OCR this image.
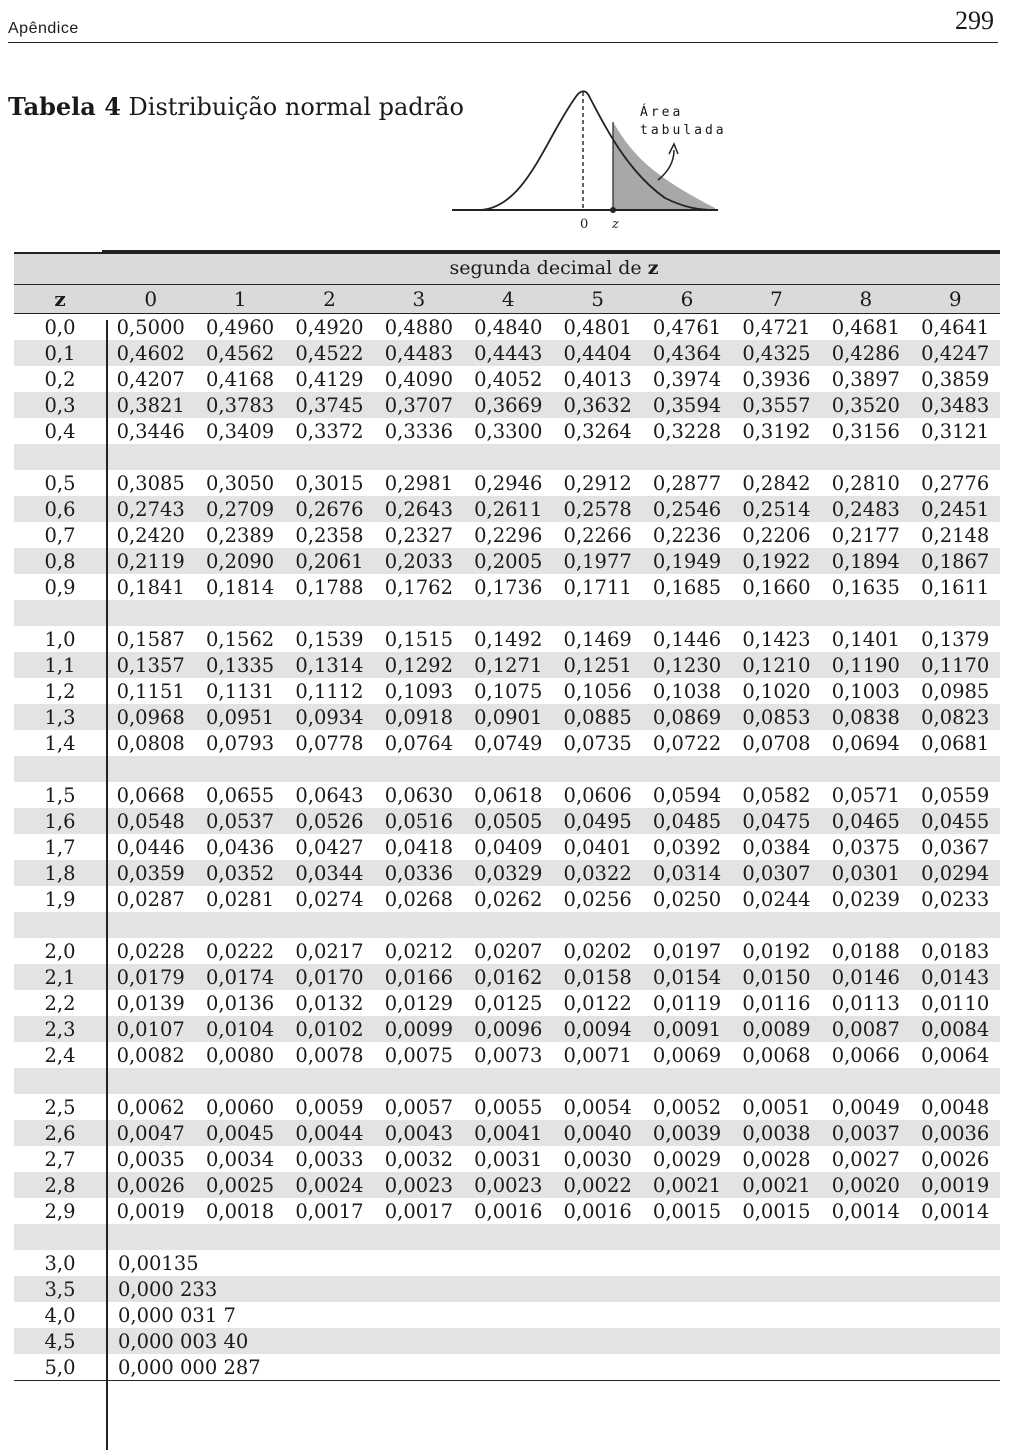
Apêndice	299
Tabela 4 Distribuição normal padrão
0 z
Área
tabulada
segunda decimal de z
z	0	1	2	3	4	5	6	7	8	9
0,0	0,5000	0,4960	0,4920	0,4880	0,4840	0,4801	0,4761	0,4721	0,4681	0,4641
0,1	0,4602	0,4562	0,4522	0,4483	0,4443	0,4404	0,4364	0,4325	0,4286	0,4247
0,2	0,4207	0,4168	0,4129	0,4090	0,4052	0,4013	0,3974	0,3936	0,3897	0,3859
0,3	0,3821	0,3783	0,3745	0,3707	0,3669	0,3632	0,3594	0,3557	0,3520	0,3483
0,4	0,3446	0,3409	0,3372	0,3336	0,3300	0,3264	0,3228	0,3192	0,3156	0,3121
0,5	0,3085	0,3050	0,3015	0,2981	0,2946	0,2912	0,2877	0,2842	0,2810	0,2776
0,6	0,2743	0,2709	0,2676	0,2643	0,2611	0,2578	0,2546	0,2514	0,2483	0,2451
0,7	0,2420	0,2389	0,2358	0,2327	0,2296	0,2266	0,2236	0,2206	0,2177	0,2148
0,8	0,2119	0,2090	0,2061	0,2033	0,2005	0,1977	0,1949	0,1922	0,1894	0,1867
0,9	0,1841	0,1814	0,1788	0,1762	0,1736	0,1711	0,1685	0,1660	0,1635	0,1611
1,0	0,1587	0,1562	0,1539	0,1515	0,1492	0,1469	0,1446	0,1423	0,1401	0,1379
1,1	0,1357	0,1335	0,1314	0,1292	0,1271	0,1251	0,1230	0,1210	0,1190	0,1170
1,2	0,1151	0,1131	0,1112	0,1093	0,1075	0,1056	0,1038	0,1020	0,1003	0,0985
1,3	0,0968	0,0951	0,0934	0,0918	0,0901	0,0885	0,0869	0,0853	0,0838	0,0823
1,4	0,0808	0,0793	0,0778	0,0764	0,0749	0,0735	0,0722	0,0708	0,0694	0,0681
1,5	0,0668	0,0655	0,0643	0,0630	0,0618	0,0606	0,0594	0,0582	0,0571	0,0559
1,6	0,0548	0,0537	0,0526	0,0516	0,0505	0,0495	0,0485	0,0475	0,0465	0,0455
1,7	0,0446	0,0436	0,0427	0,0418	0,0409	0,0401	0,0392	0,0384	0,0375	0,0367
1,8	0,0359	0,0352	0,0344	0,0336	0,0329	0,0322	0,0314	0,0307	0,0301	0,0294
1,9	0,0287	0,0281	0,0274	0,0268	0,0262	0,0256	0,0250	0,0244	0,0239	0,0233
2,0	0,0228	0,0222	0,0217	0,0212	0,0207	0,0202	0,0197	0,0192	0,0188	0,0183
2,1	0,0179	0,0174	0,0170	0,0166	0,0162	0,0158	0,0154	0,0150	0,0146	0,0143
2,2	0,0139	0,0136	0,0132	0,0129	0,0125	0,0122	0,0119	0,0116	0,0113	0,0110
2,3	0,0107	0,0104	0,0102	0,0099	0,0096	0,0094	0,0091	0,0089	0,0087	0,0084
2,4	0,0082	0,0080	0,0078	0,0075	0,0073	0,0071	0,0069	0,0068	0,0066	0,0064
2,5	0,0062	0,0060	0,0059	0,0057	0,0055	0,0054	0,0052	0,0051	0,0049	0,0048
2,6	0,0047	0,0045	0,0044	0,0043	0,0041	0,0040	0,0039	0,0038	0,0037	0,0036
2,7	0,0035	0,0034	0,0033	0,0032	0,0031	0,0030	0,0029	0,0028	0,0027	0,0026
2,8	0,0026	0,0025	0,0024	0,0023	0,0023	0,0022	0,0021	0,0021	0,0020	0,0019
2,9	0,0019	0,0018	0,0017	0,0017	0,0016	0,0016	0,0015	0,0015	0,0014	0,0014
3,0	0,00135
3,5	0,000 233
4,0	0,000 031 7
4,5	0,000 003 40
5,0	0,000 000 287
